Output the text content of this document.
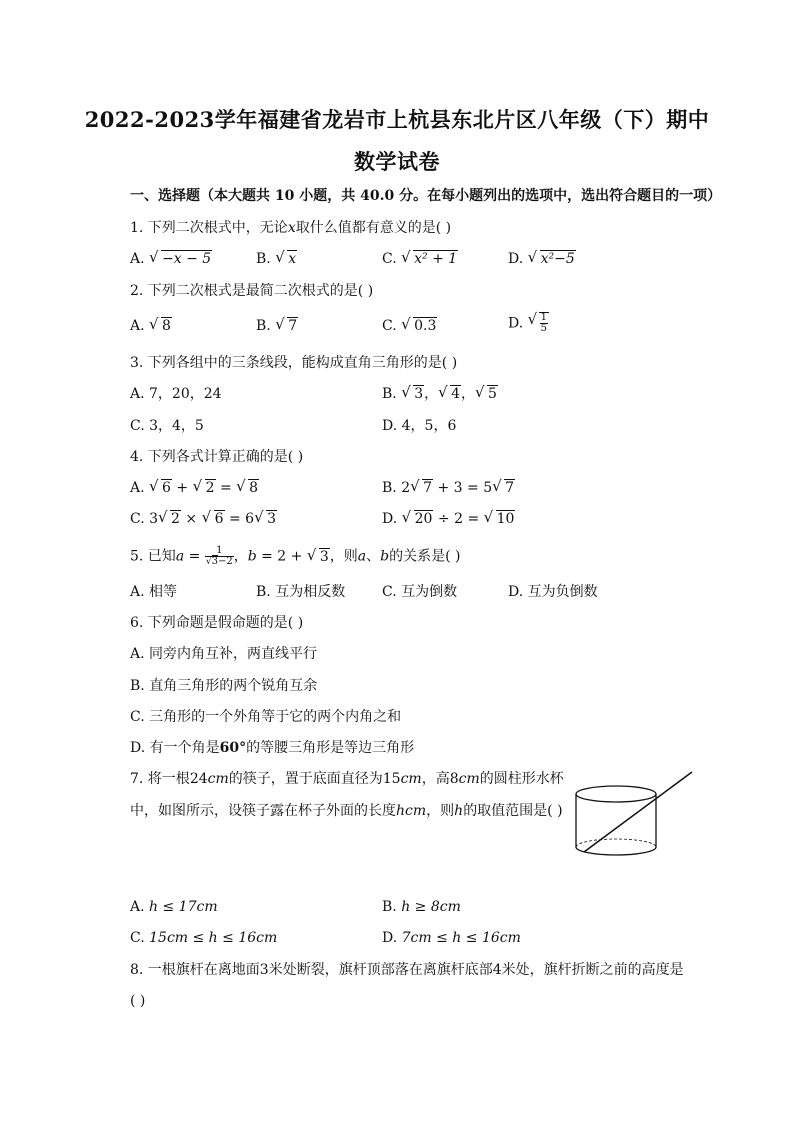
2022-2023学年福建省龙岩市上杭县东北片区八年级（下）期中
数学试卷
一、选择题（本大题共 10 小题，共 40.0 分。在每小题列出的选项中，选出符合题目的一项）
1. 下列二次根式中，无论x取什么值都有意义的是( )
A. √ −x − 5	B. √ x	C. √ x² + 1	D. √ x²−5
2. 下列二次根式是最简二次根式的是( )
A. √ 8	B. √ 7	C. √ 0.3	D. √ $\frac{1}{5}$
3. 下列各组中的三条线段，能构成直角三角形的是( )
A. 7，20，24	B. √ 3， √ 4， √ 5
C. 3，4，5	D. 4，5，6
4. 下列各式计算正确的是( )
A. √ 6 + √ 2 = √ 8	B. 2 √ 7 + 3 = 5 √ 7
C. 3 √ 2 × √ 6 = 6 √ 3	D. √ 20 ÷ 2 = √ 10
5. 已知$a = \frac{1}{√3-2}$ ，b = 2 + √ 3，则a、b的关系是( )
A. 相等	B. 互为相反数	C. 互为倒数	D. 互为负倒数
6. 下列命题是假命题的是( )
A. 同旁内角互补，两直线平行
B. 直角三角形的两个锐角互余
C. 三角形的一个外角等于它的两个内角之和
D. 有一个角是60°的等腰三角形是等边三角形
7. 将一根24cm的筷子，置于底面直径为15cm，高8cm的圆柱形水杯
中，如图所示，设筷子露在杯子外面的长度hcm，则h的取值范围是( )
A. h ≤ 17cm	B. h ≥ 8cm
C. 15cm ≤ h ≤ 16cm	D. 7cm ≤ h ≤ 16cm
8. 一根旗杆在离地面3米处断裂，旗杆顶部落在离旗杆底部4米处，旗杆折断之前的高度是
( )
